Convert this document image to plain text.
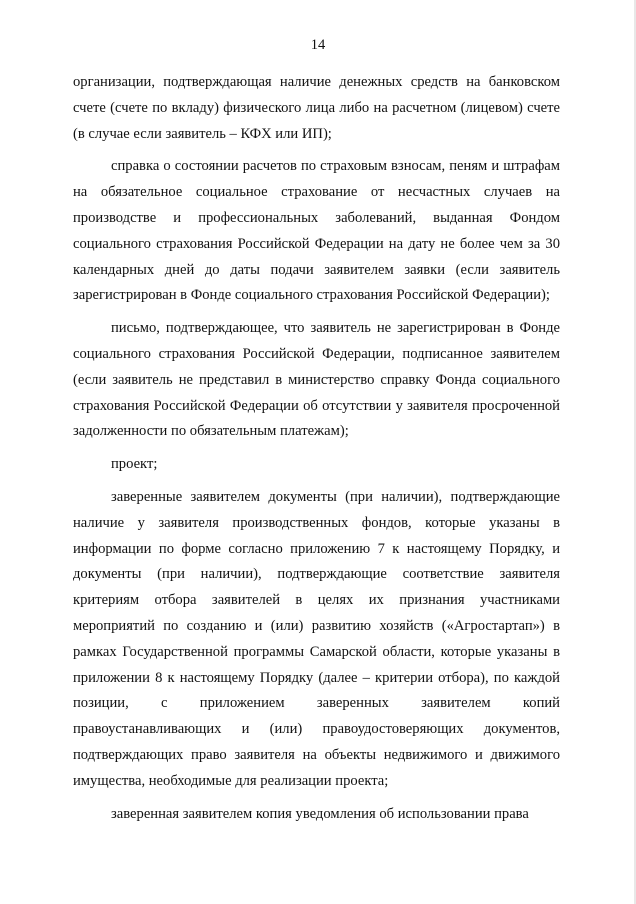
14

организации, подтверждающая наличие денежных средств на банковском счете (счете по вкладу) физического лица либо на расчетном (лицевом) счете (в случае если заявитель – КФХ или ИП);

справка о состоянии расчетов по страховым взносам, пеням и штрафам на обязательное социальное страхование от несчастных случаев на производстве и профессиональных заболеваний, выданная Фондом социального страхования Российской Федерации на дату не более чем за 30 календарных дней до даты подачи заявителем заявки (если заявитель зарегистрирован в Фонде социального страхования Российской Федерации);

письмо, подтверждающее, что заявитель не зарегистрирован в Фонде социального страхования Российской Федерации, подписанное заявителем (если заявитель не представил в министерство справку Фонда социального страхования Российской Федерации об отсутствии у заявителя просроченной задолженности по обязательным платежам);

проект;

заверенные заявителем документы (при наличии), подтверждающие наличие у заявителя производственных фондов, которые указаны в информации по форме согласно приложению 7 к настоящему Порядку, и документы (при наличии), подтверждающие соответствие заявителя критериям отбора заявителей в целях их признания участниками мероприятий по созданию и (или) развитию хозяйств («Агростартап») в рамках Государственной программы Самарской области, которые указаны в приложении 8 к настоящему Порядку (далее – критерии отбора), по каждой позиции, с приложением заверенных заявителем копий правоустанавливающих и (или) правоудостоверяющих документов, подтверждающих право заявителя на объекты недвижимого и движимого имущества, необходимые для реализации проекта;

заверенная заявителем копия уведомления об использовании права
